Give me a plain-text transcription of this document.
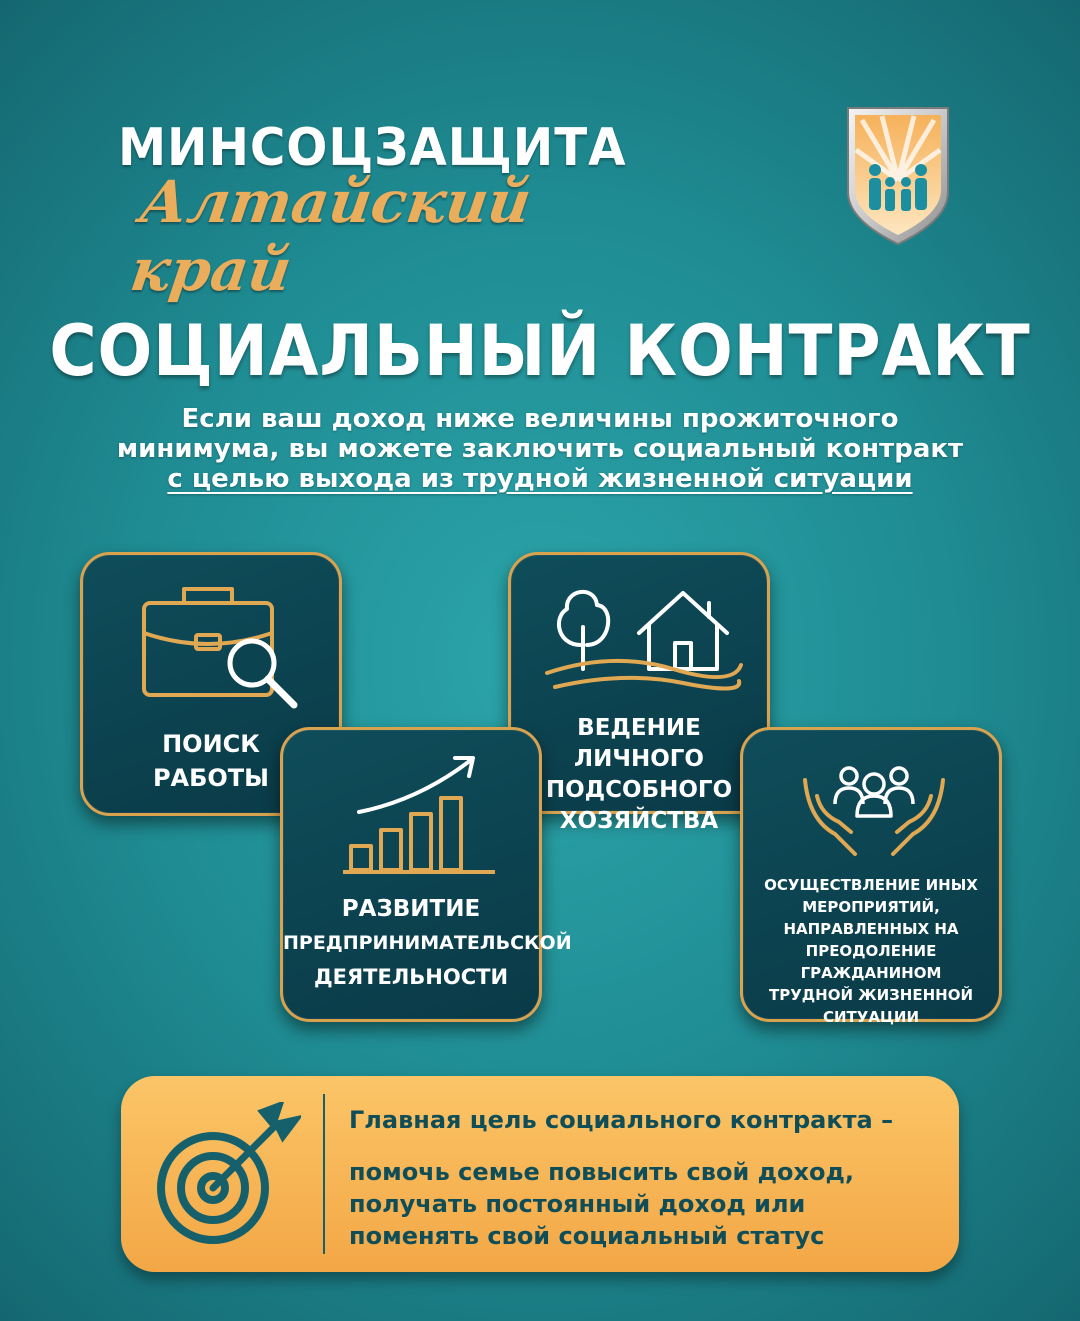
МИНСОЦЗАЩИТА
Алтайский край
СОЦИАЛЬНЫЙ КОНТРАКТ
Если ваш доход ниже величины прожиточного
минимума, вы можете заключить социальный контракт
с целью выхода из трудной жизненной ситуации
ПОИСК
РАБОТЫ
ВЕДЕНИЕ ЛИЧНОГО
ПОДСОБНОГО
ХОЗЯЙСТВА
РАЗВИТИЕ
ПРЕДПРИНИМАТЕЛЬСКОЙ
ДЕЯТЕЛЬНОСТИ
ОСУЩЕСТВЛЕНИЕ ИНЫХ
МЕРОПРИЯТИЙ,
НАПРАВЛЕННЫХ НА
ПРЕОДОЛЕНИЕ ГРАЖДАНИНОМ
ТРУДНОЙ ЖИЗНЕННОЙ
СИТУАЦИИ
Главная цель социального контракта –
помочь семье повысить свой доход,
получать постоянный доход или
поменять свой социальный статус
